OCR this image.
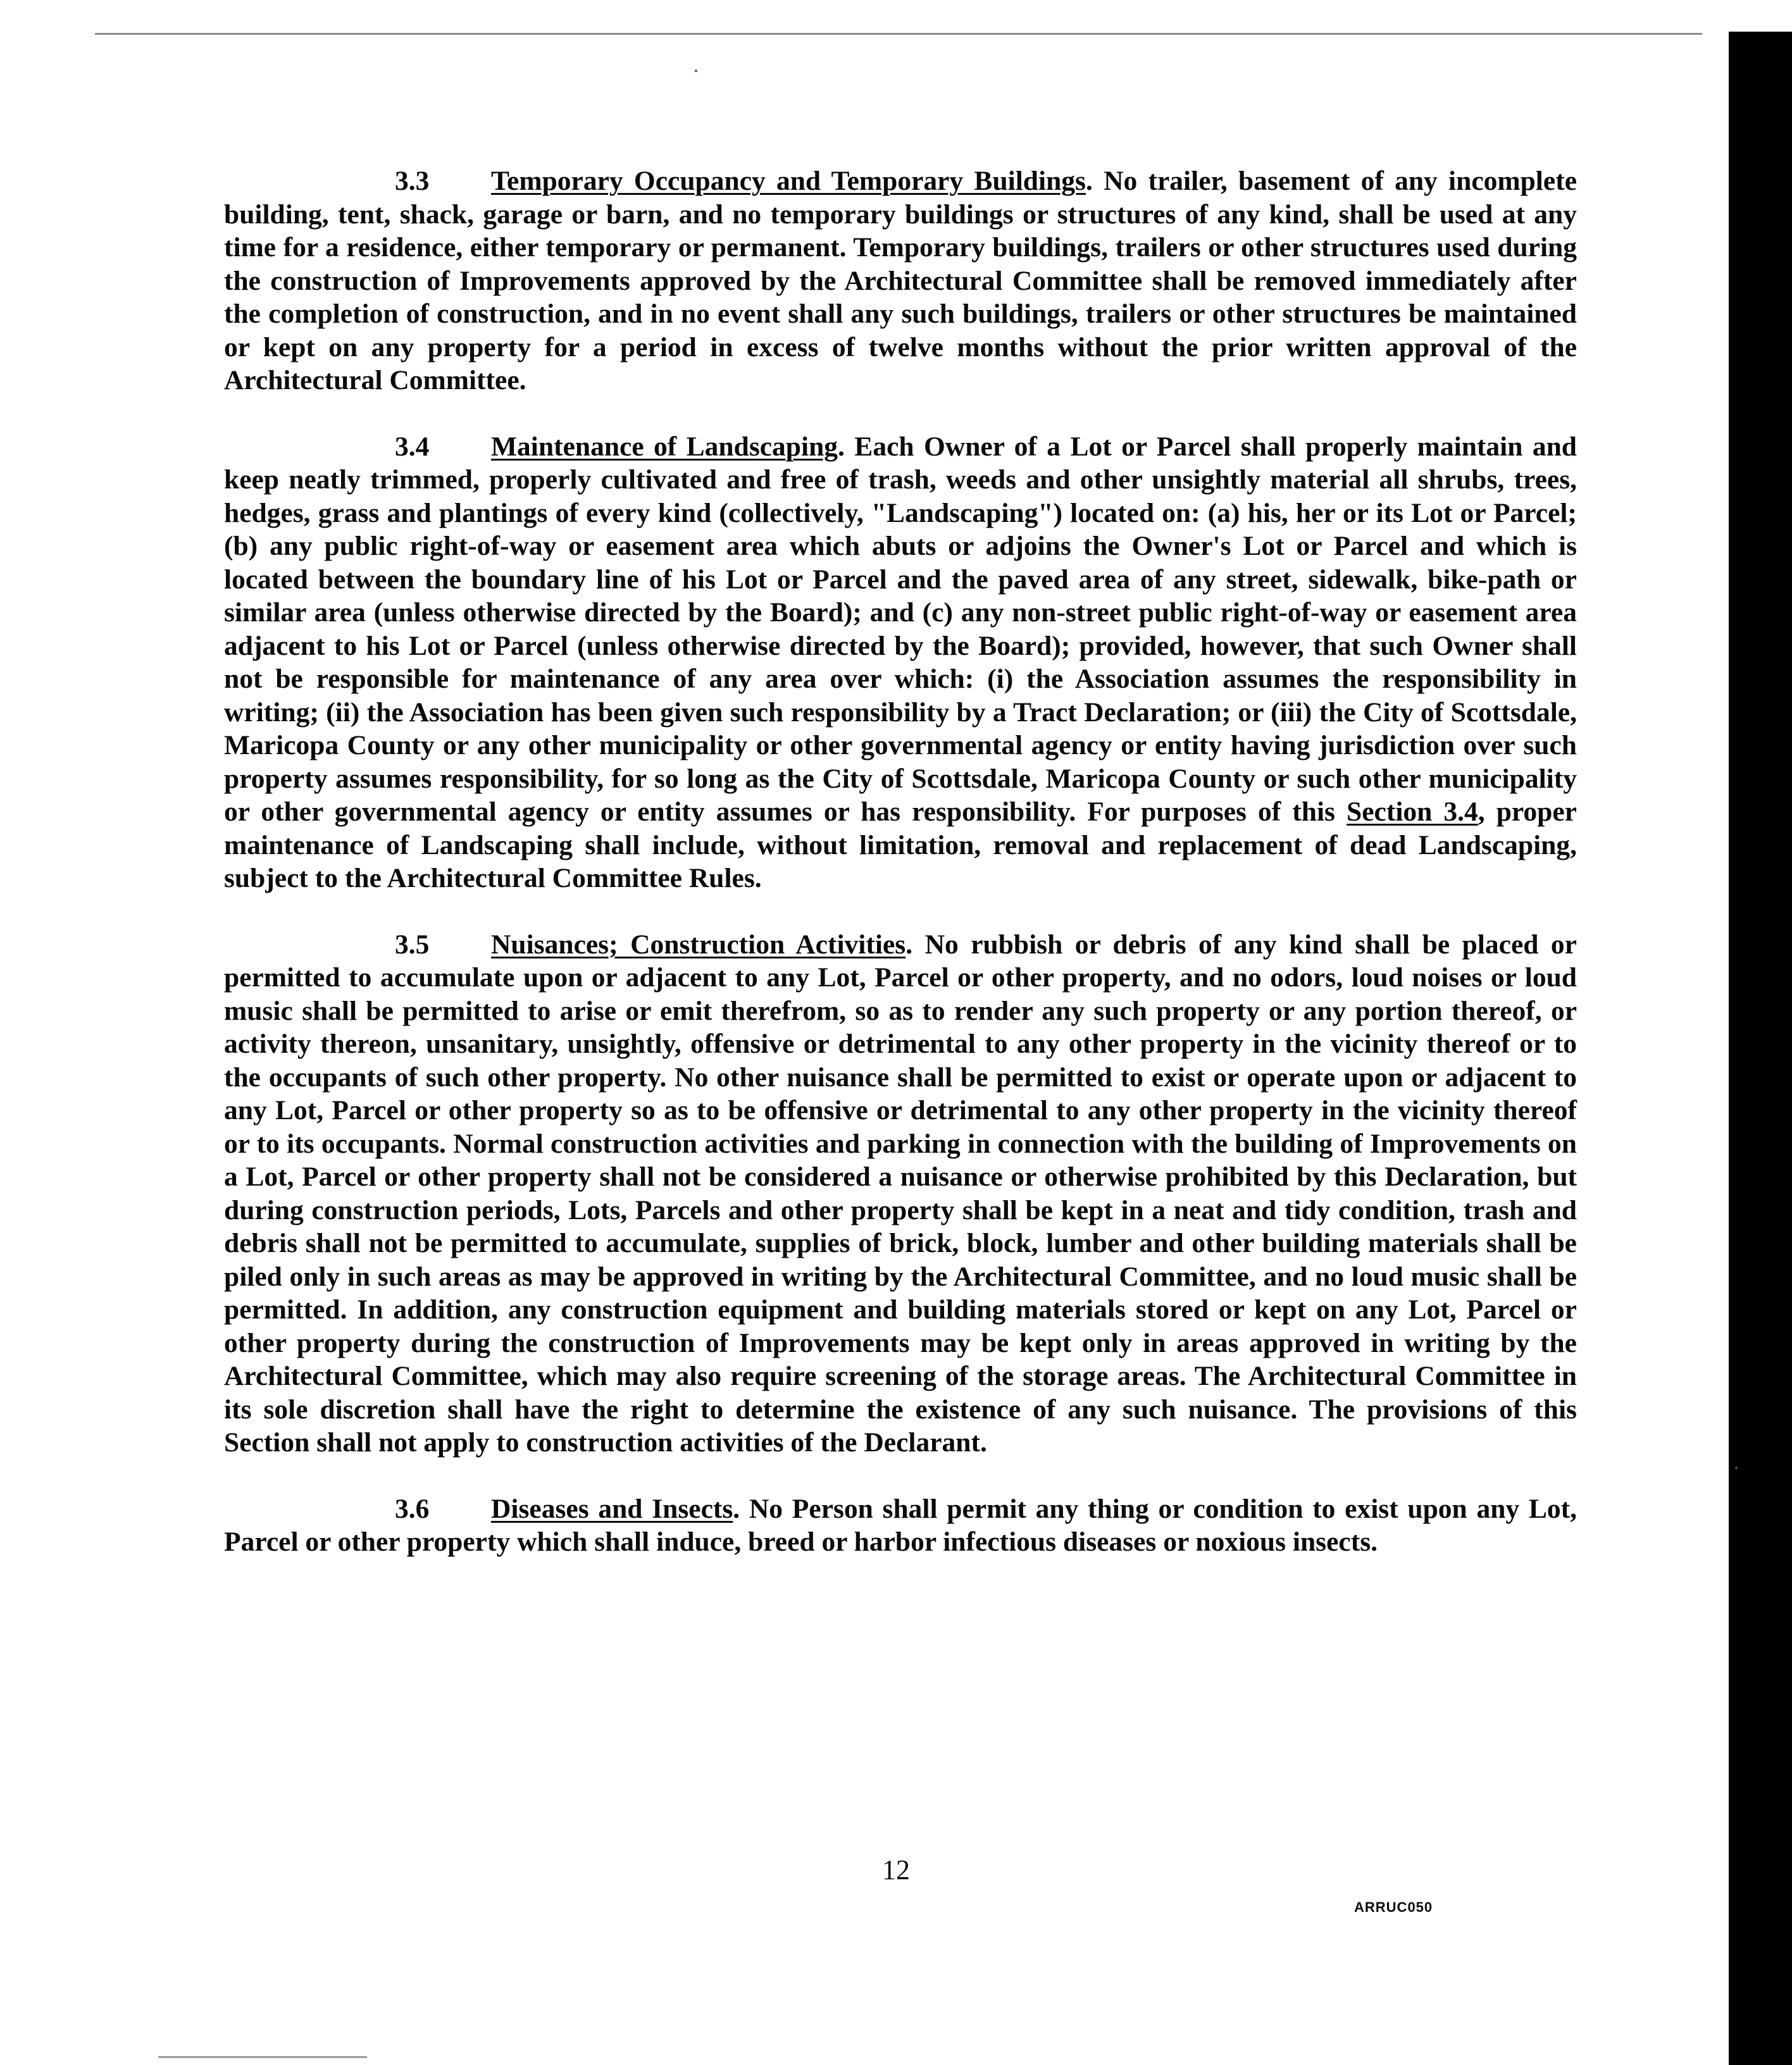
3.3 Temporary Occupancy and Temporary Buildings. No trailer, basement of any incomplete building, tent, shack, garage or barn, and no temporary buildings or structures of any kind, shall be used at any time for a residence, either temporary or permanent. Temporary buildings, trailers or other structures used during the construction of Improvements approved by the Architectural Committee shall be removed immediately after the completion of construction, and in no event shall any such buildings, trailers or other structures be maintained or kept on any property for a period in excess of twelve months without the prior written approval of the Architectural Committee.

3.4 Maintenance of Landscaping. Each Owner of a Lot or Parcel shall properly maintain and keep neatly trimmed, properly cultivated and free of trash, weeds and other unsightly material all shrubs, trees, hedges, grass and plantings of every kind (collectively, "Landscaping") located on: (a) his, her or its Lot or Parcel; (b) any public right-of-way or easement area which abuts or adjoins the Owner's Lot or Parcel and which is located between the boundary line of his Lot or Parcel and the paved area of any street, sidewalk, bike-path or similar area (unless otherwise directed by the Board); and (c) any non-street public right-of-way or easement area adjacent to his Lot or Parcel (unless otherwise directed by the Board); provided, however, that such Owner shall not be responsible for maintenance of any area over which: (i) the Association assumes the responsibility in writing; (ii) the Association has been given such responsibility by a Tract Declaration; or (iii) the City of Scottsdale, Maricopa County or any other municipality or other governmental agency or entity having jurisdiction over such property assumes responsibility, for so long as the City of Scottsdale, Maricopa County or such other municipality or other governmental agency or entity assumes or has responsibility. For purposes of this Section 3.4, proper maintenance of Landscaping shall include, without limitation, removal and replacement of dead Landscaping, subject to the Architectural Committee Rules.

3.5 Nuisances; Construction Activities. No rubbish or debris of any kind shall be placed or permitted to accumulate upon or adjacent to any Lot, Parcel or other property, and no odors, loud noises or loud music shall be permitted to arise or emit therefrom, so as to render any such property or any portion thereof, or activity thereon, unsanitary, unsightly, offensive or detrimental to any other property in the vicinity thereof or to the occupants of such other property. No other nuisance shall be permitted to exist or operate upon or adjacent to any Lot, Parcel or other property so as to be offensive or detrimental to any other property in the vicinity thereof or to its occupants. Normal construction activities and parking in connection with the building of Improvements on a Lot, Parcel or other property shall not be considered a nuisance or otherwise prohibited by this Declaration, but during construction periods, Lots, Parcels and other property shall be kept in a neat and tidy condition, trash and debris shall not be permitted to accumulate, supplies of brick, block, lumber and other building materials shall be piled only in such areas as may be approved in writing by the Architectural Committee, and no loud music shall be permitted. In addition, any construction equipment and building materials stored or kept on any Lot, Parcel or other property during the construction of Improvements may be kept only in areas approved in writing by the Architectural Committee, which may also require screening of the storage areas. The Architectural Committee in its sole discretion shall have the right to determine the existence of any such nuisance. The provisions of this Section shall not apply to construction activities of the Declarant.

3.6 Diseases and Insects. No Person shall permit any thing or condition to exist upon any Lot, Parcel or other property which shall induce, breed or harbor infectious diseases or noxious insects.

12
ARRUC050
